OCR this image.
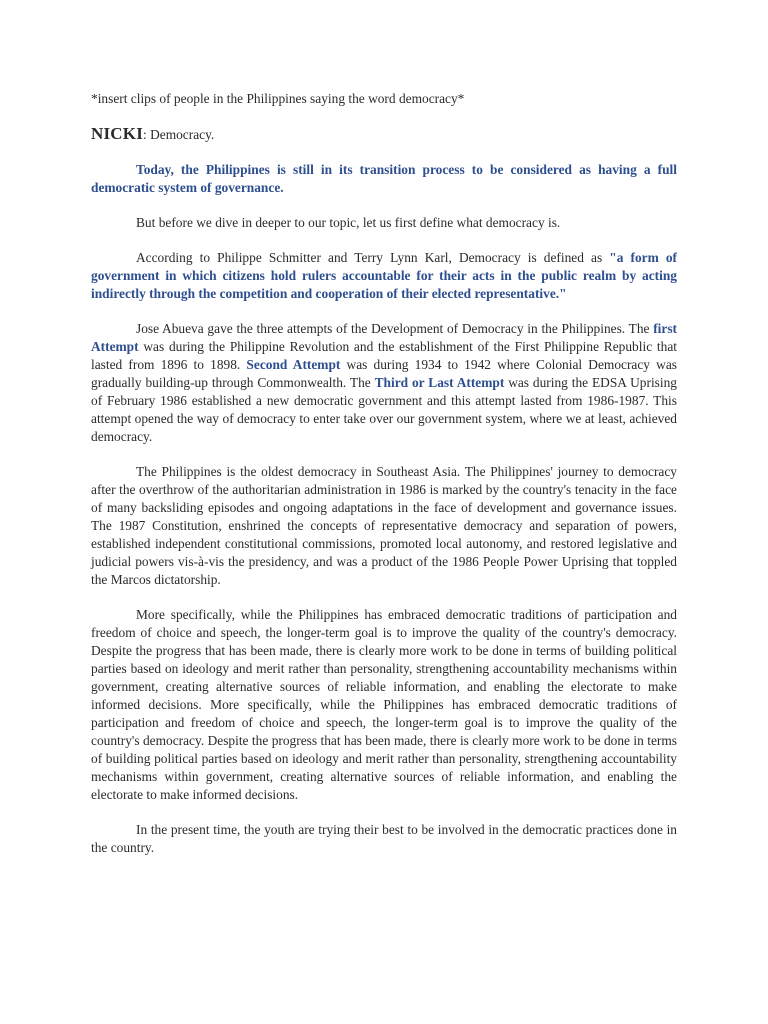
*insert clips of people in the Philippines saying the word democracy*

NICKI: Democracy.

Today, the Philippines is still in its transition process to be considered as having a full democratic system of governance.

But before we dive in deeper to our topic, let us first define what democracy is.

According to Philippe Schmitter and Terry Lynn Karl, Democracy is defined as "a form of government in which citizens hold rulers accountable for their acts in the public realm by acting indirectly through the competition and cooperation of their elected representative."

Jose Abueva gave the three attempts of the Development of Democracy in the Philippines. The first Attempt was during the Philippine Revolution and the establishment of the First Philippine Republic that lasted from 1896 to 1898. Second Attempt was during 1934 to 1942 where Colonial Democracy was gradually building-up through Commonwealth. The Third or Last Attempt was during the EDSA Uprising of February 1986 established a new democratic government and this attempt lasted from 1986-1987. This attempt opened the way of democracy to enter take over our government system, where we at least, achieved democracy.

The Philippines is the oldest democracy in Southeast Asia. The Philippines' journey to democracy after the overthrow of the authoritarian administration in 1986 is marked by the country's tenacity in the face of many backsliding episodes and ongoing adaptations in the face of development and governance issues. The 1987 Constitution, enshrined the concepts of representative democracy and separation of powers, established independent constitutional commissions, promoted local autonomy, and restored legislative and judicial powers vis-à-vis the presidency, and was a product of the 1986 People Power Uprising that toppled the Marcos dictatorship.

More specifically, while the Philippines has embraced democratic traditions of participation and freedom of choice and speech, the longer-term goal is to improve the quality of the country's democracy. Despite the progress that has been made, there is clearly more work to be done in terms of building political parties based on ideology and merit rather than personality, strengthening accountability mechanisms within government, creating alternative sources of reliable information, and enabling the electorate to make informed decisions. More specifically, while the Philippines has embraced democratic traditions of participation and freedom of choice and speech, the longer-term goal is to improve the quality of the country's democracy. Despite the progress that has been made, there is clearly more work to be done in terms of building political parties based on ideology and merit rather than personality, strengthening accountability mechanisms within government, creating alternative sources of reliable information, and enabling the electorate to make informed decisions.

In the present time, the youth are trying their best to be involved in the democratic practices done in the country.
